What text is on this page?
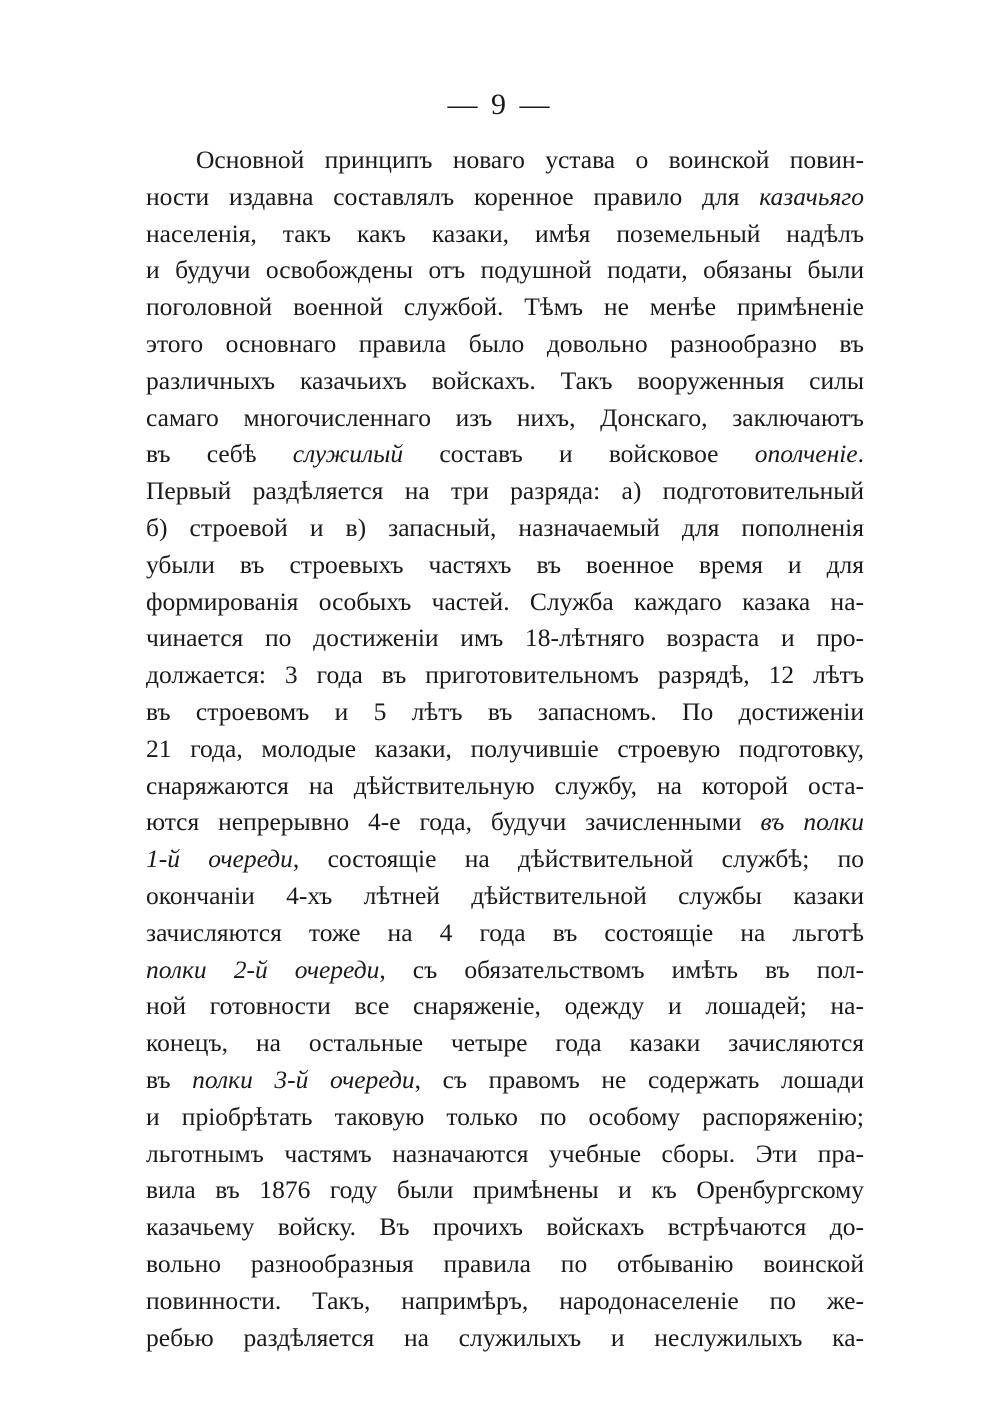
— 9 —
Основной принципъ новаго устава о воинской повин-
ности издавна составлялъ коренное правило для казачьяго
населенія, такъ какъ казаки, имѣя поземельный надѣлъ
и будучи освобождены отъ подушной подати, обязаны были
поголовной военной службой. Тѣмъ не менѣе примѣненіе
этого основнаго правила было довольно разнообразно въ
различныхъ казачьихъ войскахъ. Такъ вооруженныя силы
самаго многочисленнаго изъ нихъ, Донскаго, заключаютъ
въ себѣ служилый составъ и войсковое ополченіе.
Первый раздѣляется на три разряда: а) подготовительный
б) строевой и в) запасный, назначаемый для пополненія
убыли въ строевыхъ частяхъ въ военное время и для
формированія особыхъ частей. Служба каждаго казака на-
чинается по достиженіи имъ 18-лѣтняго возраста и про-
должается: 3 года въ приготовительномъ разрядѣ, 12 лѣтъ
въ строевомъ и 5 лѣтъ въ запасномъ. По достиженіи
21 года, молодые казаки, получившіе строевую подготовку,
снаряжаются на дѣйствительную службу, на которой оста-
ются непрерывно 4-е года, будучи зачисленными въ полки
1-й очереди, состоящіе на дѣйствительной службѣ; по
окончаніи 4-хъ лѣтней дѣйствительной службы казаки
зачисляются тоже на 4 года въ состоящіе на льготѣ
полки 2-й очереди, съ обязательствомъ имѣть въ пол-
ной готовности все снаряженіе, одежду и лошадей; на-
конецъ, на остальные четыре года казаки зачисляются
въ полки 3-й очереди, съ правомъ не содержать лошади
и пріобрѣтать таковую только по особому распоряженію;
льготнымъ частямъ назначаются учебные сборы. Эти пра-
вила въ 1876 году были примѣнены и къ Оренбургскому
казачьему войску. Въ прочихъ войскахъ встрѣчаются до-
вольно разнообразныя правила по отбыванію воинской
повинности. Такъ, напримѣръ, народонаселеніе по же-
ребью раздѣляется на служилыхъ и неслужилыхъ ка-
